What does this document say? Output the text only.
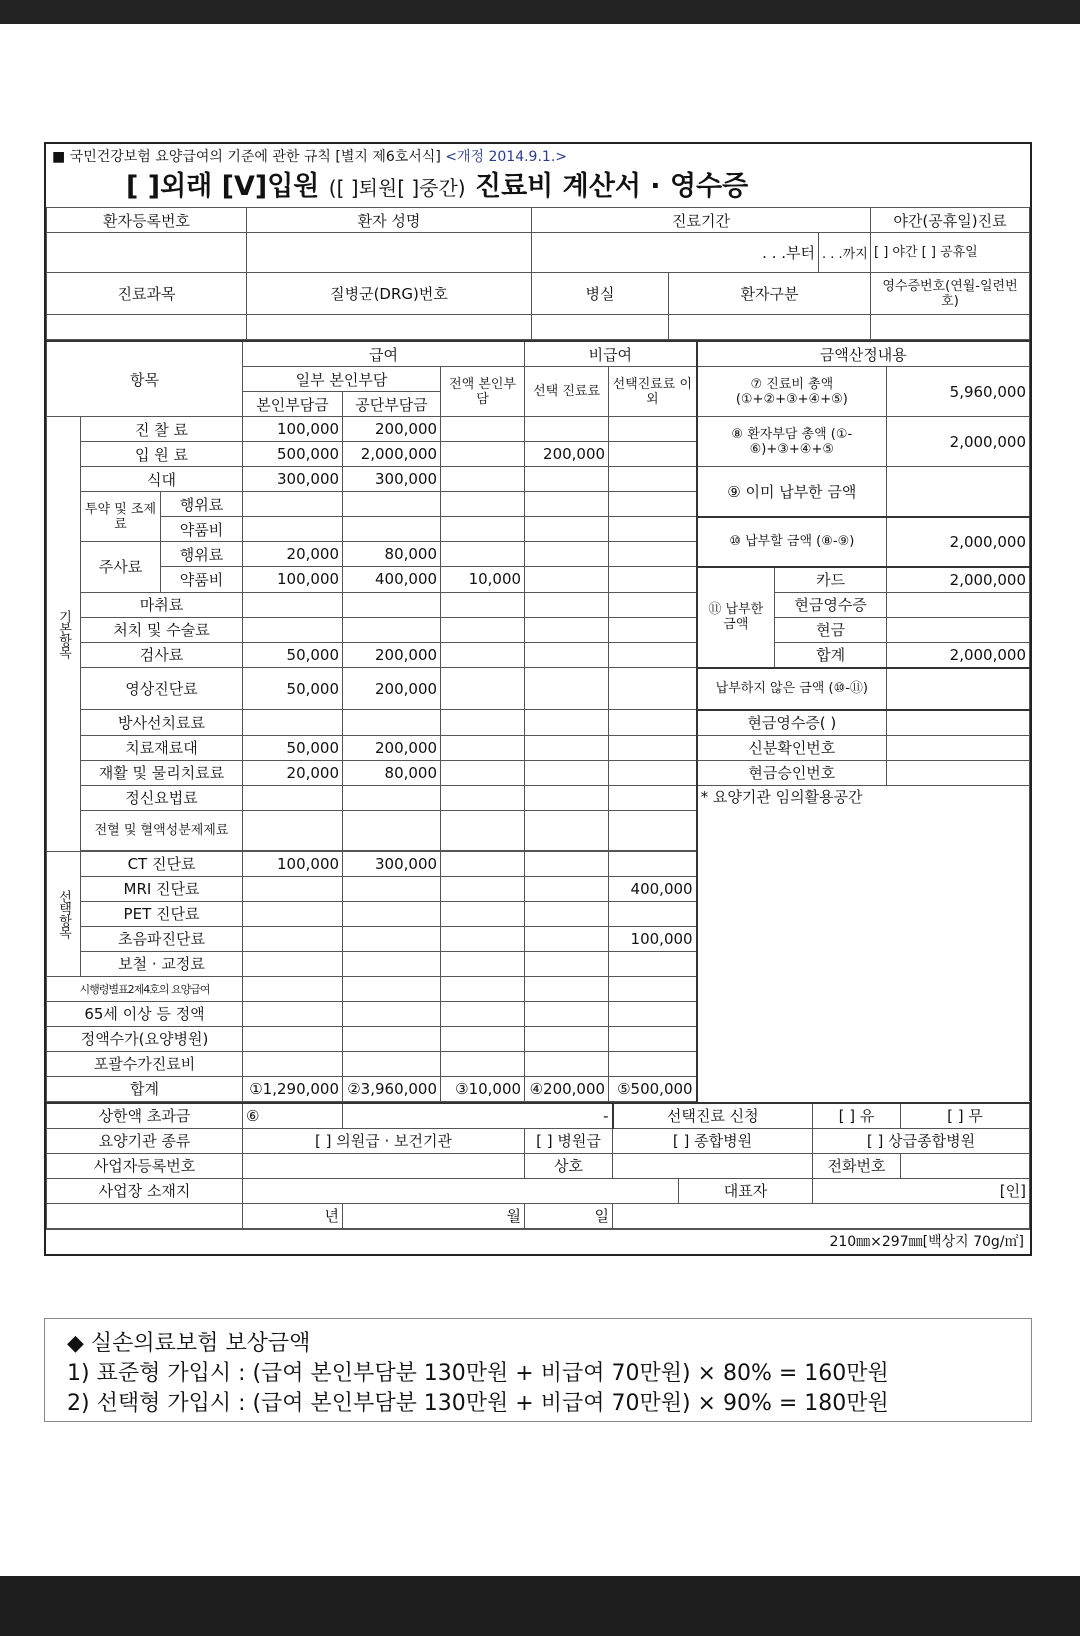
■ 국민건강보험 요양급여의 기준에 관한 규칙 [별지 제6호서식] <개정 2014.9.1.>
[ ]외래 [V]입원 ([ ]퇴원[ ]중간) 진료비 계산서 · 영수증
환자등록번호	환자 성명	진료기간			야간(공휴일)진료
		. . .부터		. . .까지	[ ] 야간 [ ] 공휴일
진료과목	질병군(DRG)번호	병실	환자구분		영수증번호(연월-일련번호)

항목			급여			비급여		금액산정내용		
			일부 본인부담		전액 본인부담	선택 진료료	선택진료료 이외	⑦ 진료비 총액 (①+②+③+④+⑤)		5,960,000
			본인부담금	공단부담금						
기본항목	진 찰 료		100,000	200,000				⑧ 환자부담 총액 (①-⑥)+③+④+⑤		2,000,000
	입 원 료		500,000	2,000,000		200,000				
	식대		300,000	300,000				⑨ 이미 납부한 금액		
	투약 및 조제료	행위료								
		약품비						⑩ 납부할 금액 (⑧-⑨)		2,000,000
	주사료	행위료	20,000	80,000						
		약품비	100,000	400,000	10,000			⑪ 납부한 금액	카드	2,000,000
	마취료								현금영수증	
	처치 및 수술료								현금	
	검사료		50,000	200,000					합계	2,000,000
	영상진단료		50,000	200,000				납부하지 않은 금액 (⑩-⑪)		
	방사선치료료							현금영수증( )		
	치료재료대		50,000	200,000				신분확인번호		
	재활 및 물리치료료		20,000	80,000				현금승인번호		
	정신요법료							* 요양기관 임의활용공간		
	전혈 및 혈액성분제제료									

선택항목	CT 진단료		100,000	300,000						
	MRI 진단료						400,000			
	PET 진단료									
	초음파진단료						100,000			
	보철 · 교정료									
시행령별표2제4호의 요양급여										
65세 이상 등 정액										
정액수가(요양병원)										
포괄수가진료비										
합계			①1,290,000	②3,960,000	③10,000	④200,000	⑤500,000			
상한액 초과금	⑥	-		선택진료 신청		[ ] 유	[ ] 무
요양기관 종류	[ ] 의원급 · 보건기관		[ ] 병원급	[ ] 종합병원		[ ] 상급종합병원	
사업자등록번호			상호			전화번호	
사업장 소재지					대표자	[인]	
	년	월	일				
210㎜×297㎜[백상지 70g/㎡]
◆ 실손의료보험 보상금액
1) 표준형 가입시 : (급여 본인부담분 130만원 + 비급여 70만원) × 80% = 160만원
2) 선택형 가입시 : (급여 본인부담분 130만원 + 비급여 70만원) × 90% = 180만원
